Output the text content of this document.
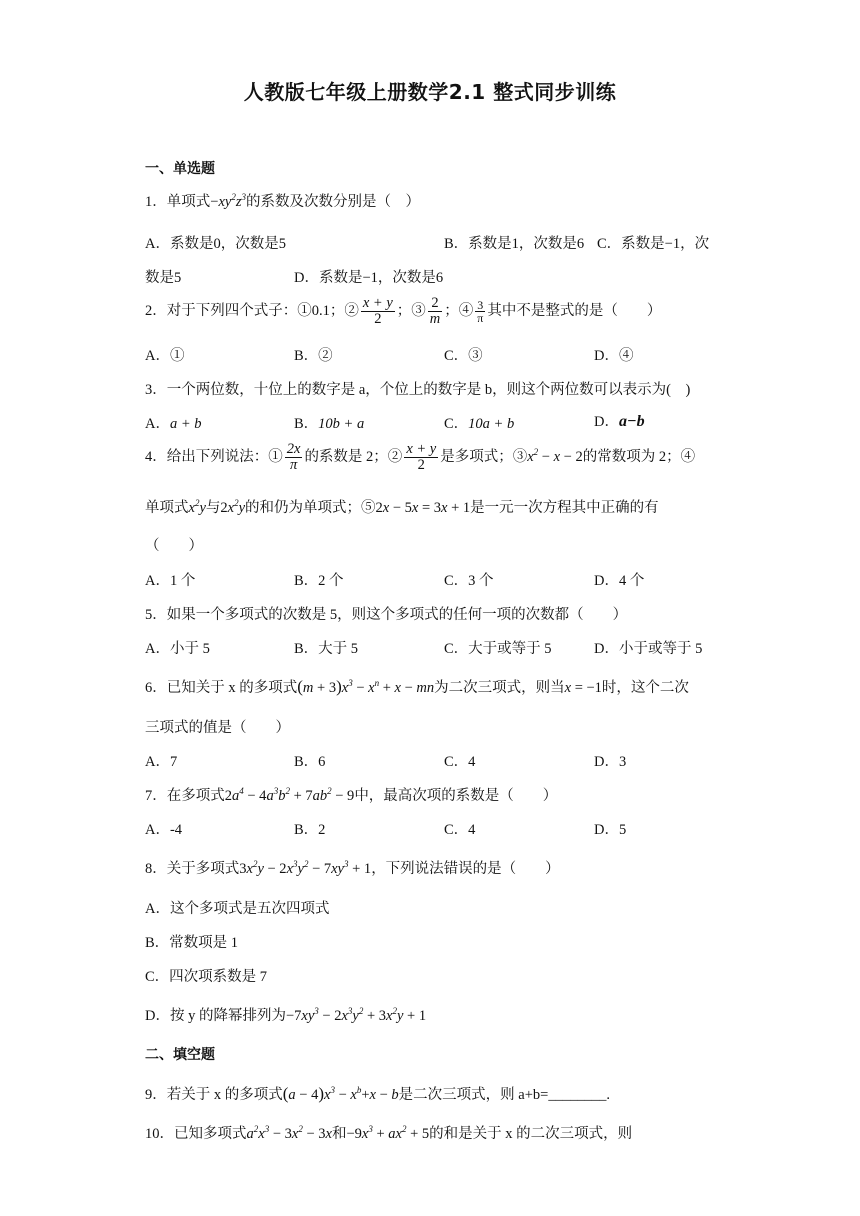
人教版七年级上册数学2.1 整式同步训练
一、单选题
1．单项式$-xy^2z^3$的系数及次数分别是（　）
A．系数是0，次数是5	B．系数是1，次数是6 C．系数是−1，次
数是5	D．系数是−1，次数是6
2．对于下列四个式子：①0.1；② $\frac{x + y}{2}$ ；③ $\frac{2}{m}$ ；④ $\frac{3}{\pi}$ 其中不是整式的是（　　）
A．①	B．②	C．③	D．④
3．一个两位数，十位上的数字是 a，个位上的数字是 b，则这个两位数可以表示为(　)
A．a + b	B．10b + a	C．10a + b	D．a−b
4．给出下列说法：① $\frac{2x}{\pi}$ 的系数是 2；② $\frac{x + y}{2}$ 是多项式；$③x^2 - x - 2$的常数项为 2；④
单项式$x^2y$与$2x^2y$的和仍为单项式；⑤2x − 5x = 3x + 1是一元一次方程其中正确的有
（　　）
A．1 个	B．2 个	C．3 个	D．4 个
5．如果一个多项式的次数是 5，则这个多项式的任何一项的次数都（　　）
A．小于 5	B．大于 5	C．大于或等于 5	D．小于或等于 5
6．已知关于 x 的多项式$(m + 3)x^3 - x^n + x$ − mn为二次三项式，则当x = −1时，这个二次
三项式的值是（　　）
A．7	B．6	C．4	D．3
7．在多项式$2a^4 - 4a^3b^2 + 7ab^2 - 9$中，最高次项的系数是（　　）
A．-4	B．2	C．4	D．5
8．关于多项式$3x^2y - 2x^3y^2 - 7xy^3 + 1$，下列说法错误的是（　　）
A．这个多项式是五次四项式
B．常数项是 1
C．四次项系数是 7
D．按 y 的降幂排列为$-7xy^3 - 2x^3y^2 + 3x^2y + 1$
二、填空题
9．若关于 x 的多项式$(a - 4)x^3 - x^b+x - b$是二次三项式，则 a+b=________.
10．已知多项式$a^2x^3 - 3x^2 - 3x$和$-9x^3 + ax^2 + 5$的和是关于 x 的二次三项式，则
